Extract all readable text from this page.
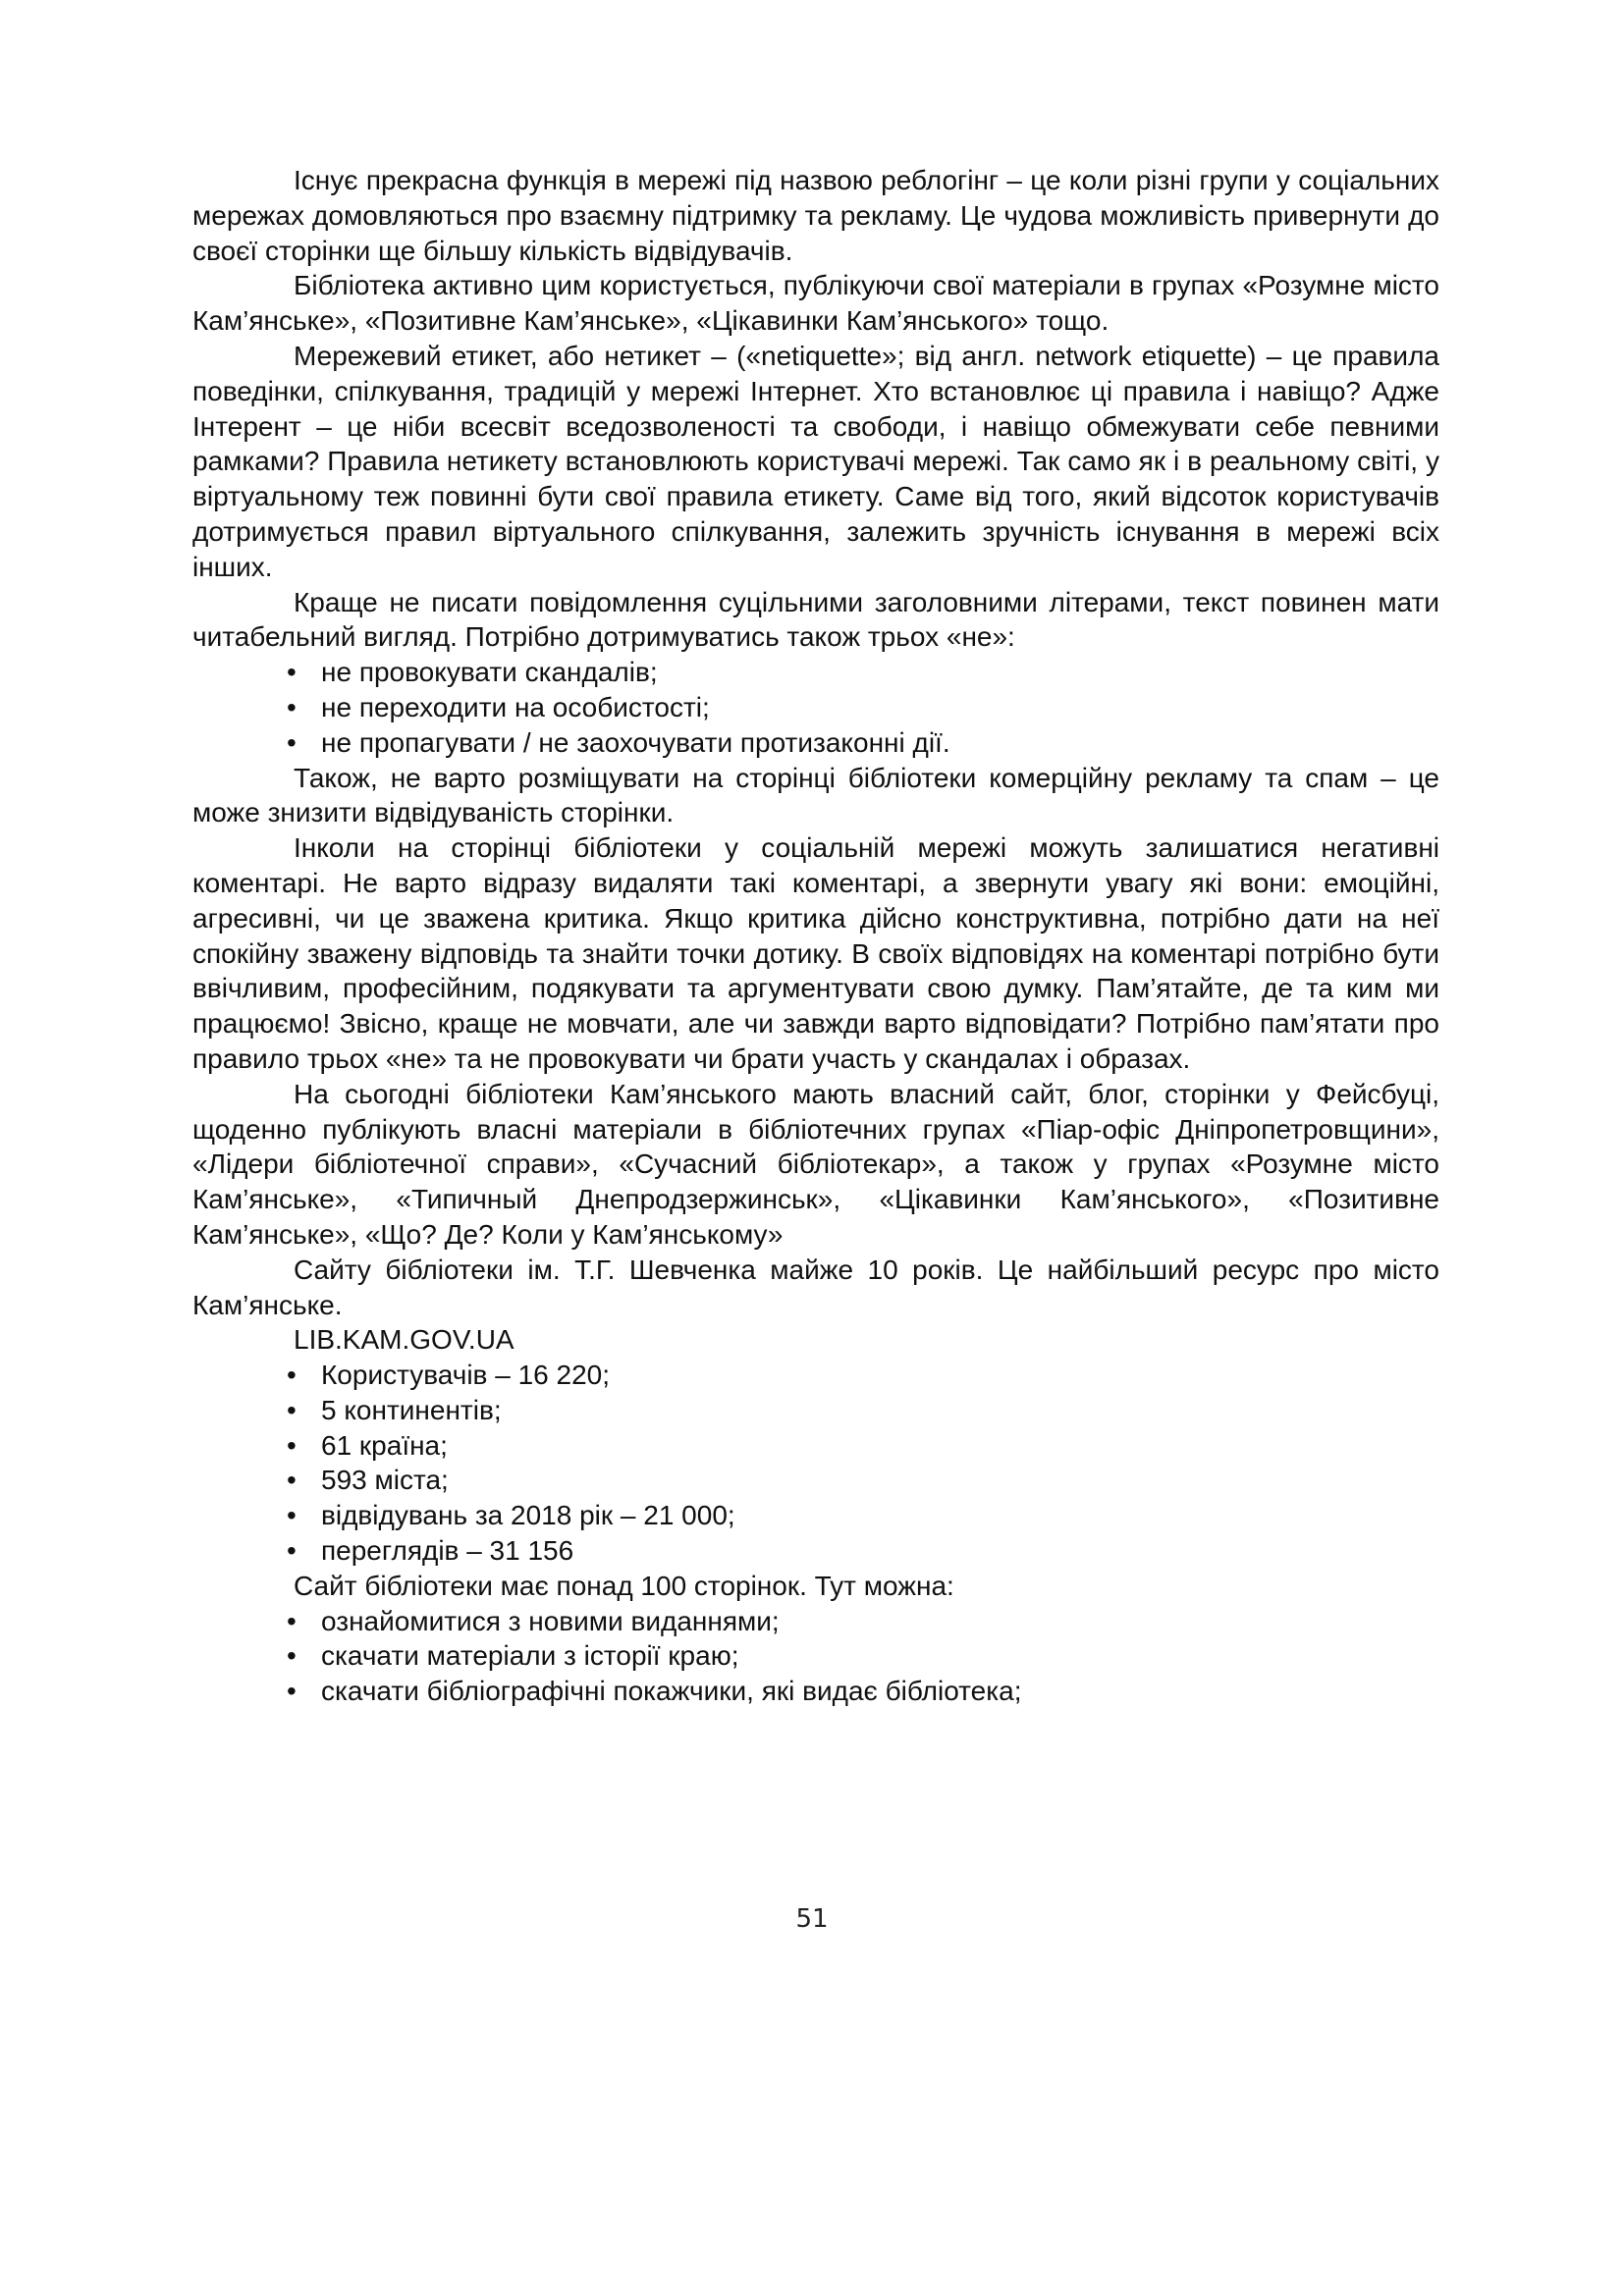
Існує прекрасна функція в мережі під назвою реблогінг – це коли різні групи у соціальних мережах домовляються про взаємну підтримку та рекламу. Це чудова можливість привернути до своєї сторінки ще більшу кількість відвідувачів.

Бібліотека активно цим користується, публікуючи свої матеріали в групах «Розумне місто Кам’янське», «Позитивне Кам’янське», «Цікавинки Кам’янського» тощо.

Мережевий етикет, або нетикет – («netiquette»; від англ. network etiquette) – це правила поведінки, спілкування, традицій у мережі Інтернет. Хто встановлює ці правила і навіщо? Адже Інтерент – це ніби всесвіт вседозволеності та свободи, і навіщо обмежувати себе певними рамками? Правила нетикету встановлюють користувачі мережі. Так само як і в реальному світі, у віртуальному теж повинні бути свої правила етикету. Саме від того, який відсоток користувачів дотримується правил віртуального спілкування, залежить зручність існування в мережі всіх інших.

Краще не писати повідомлення суцільними заголовними літерами, текст повинен мати читабельний вигляд. Потрібно дотримуватись також трьох «не»:

• не провокувати скандалів;
• не переходити на особистості;
• не пропагувати / не заохочувати протизаконні дії.

Також, не варто розміщувати на сторінці бібліотеки комерційну рекламу та спам – це може знизити відвідуваність сторінки.

Інколи на сторінці бібліотеки у соціальній мережі можуть залишатися негативні коментарі. Не варто відразу видаляти такі коментарі, а звернути увагу які вони: емоційні, агресивні, чи це зважена критика. Якщо критика дійсно конструктивна, потрібно дати на неї спокійну зважену відповідь та знайти точки дотику. В своїх відповідях на коментарі потрібно бути ввічливим, професійним, подякувати та аргументувати свою думку. Пам’ятайте, де та ким ми працюємо! Звісно, краще не мовчати, але чи завжди варто відповідати? Потрібно пам’ятати про правило трьох «не» та не провокувати чи брати участь у скандалах і образах.

На сьогодні бібліотеки Кам’янського мають власний сайт, блог, сторінки у Фейсбуці, щоденно публікують власні матеріали в бібліотечних групах «Піар-офіс Дніпропетровщини», «Лідери бібліотечної справи», «Сучасний бібліотекар», а також у групах «Розумне місто Кам’янське», «Типичный Днепродзержинськ», «Цікавинки Кам’янського», «Позитивне Кам’янське», «Що? Де? Коли у Кам’янському»

Сайту бібліотеки ім. Т.Г. Шевченка майже 10 років. Це найбільший ресурс про місто Кам’янське.

LIB.KAM.GOV.UA
• Користувачів – 16 220;
• 5 континентів;
• 61 країна;
• 593 міста;
• відвідувань за 2018 рік – 21 000;
• переглядів – 31 156
Сайт бібліотеки має понад 100 сторінок. Тут можна:
• ознайомитися з новими виданнями;
• скачати матеріали з історії краю;
• скачати бібліографічні покажчики, які видає бібліотека;
51
